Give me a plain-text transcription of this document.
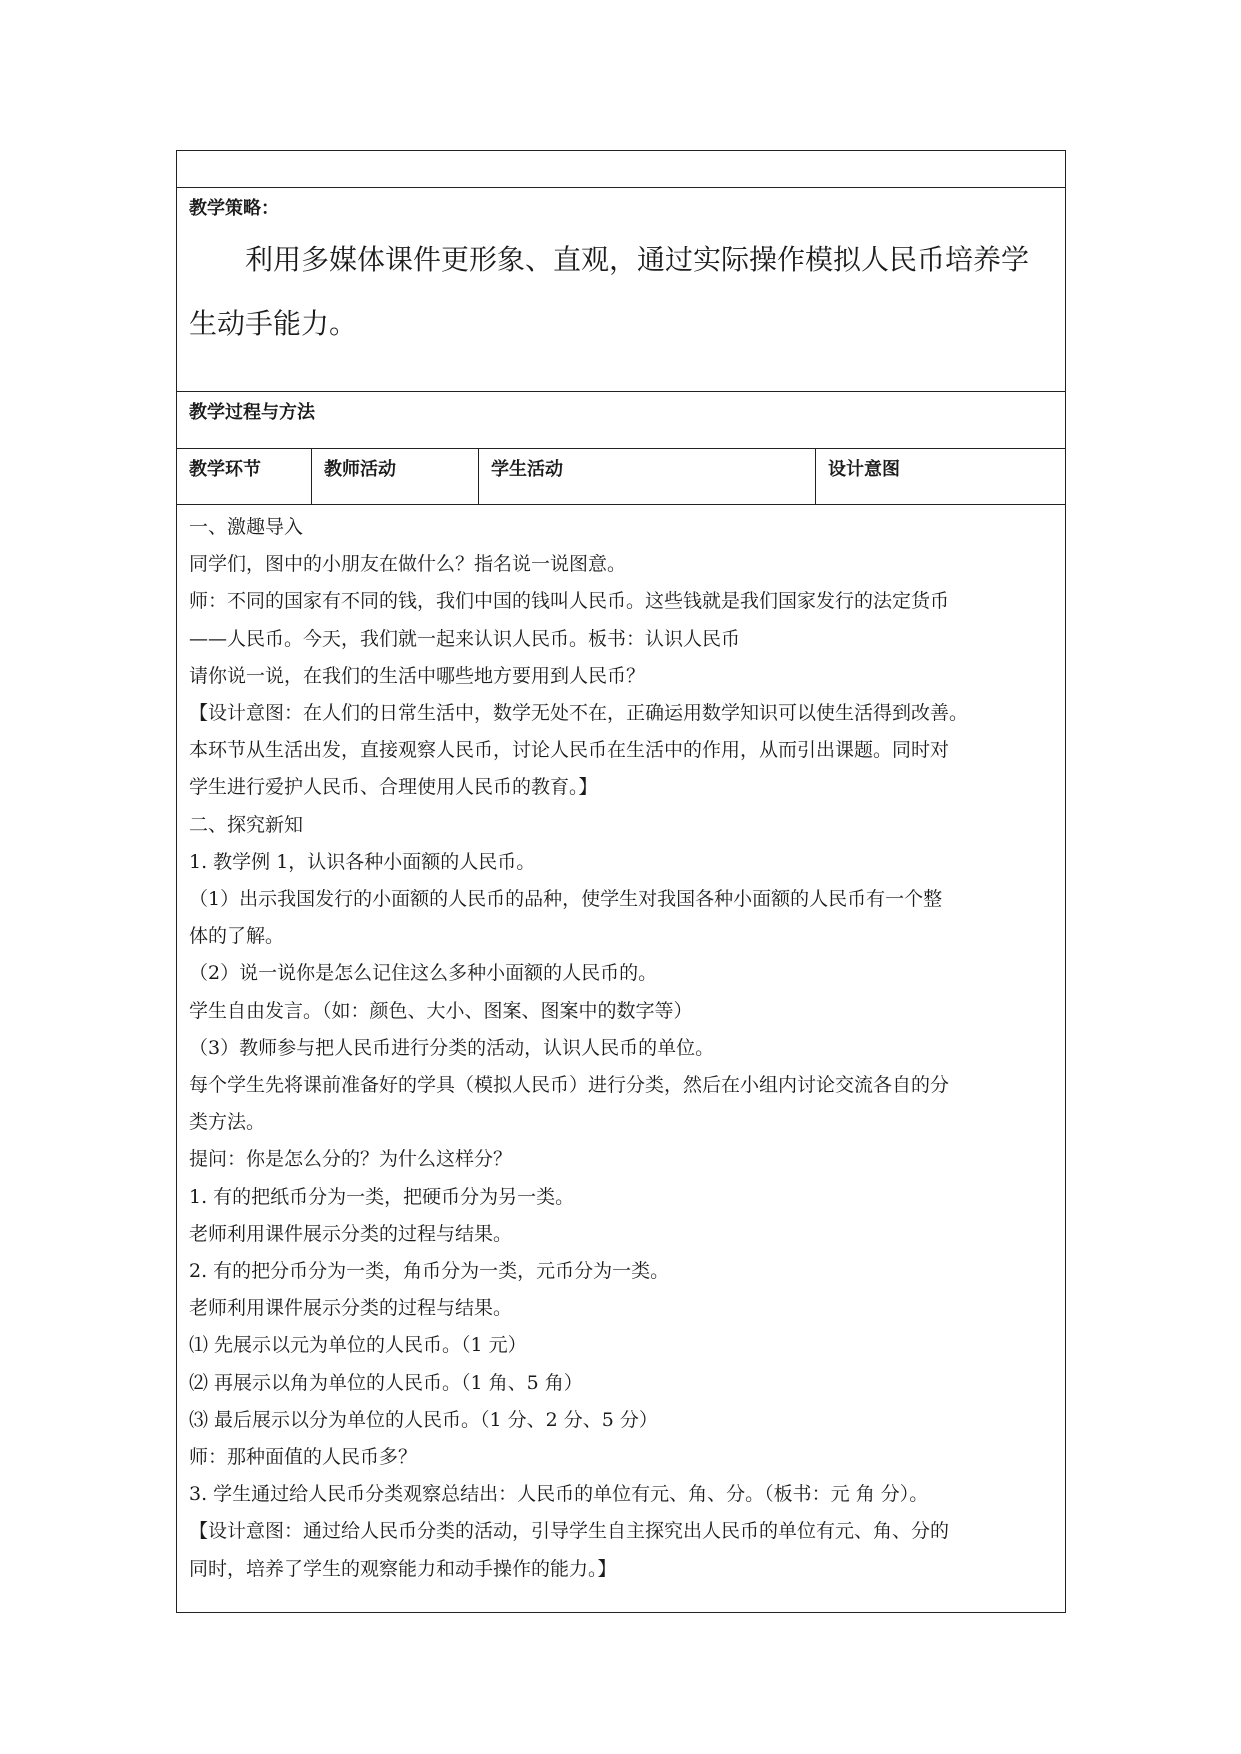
教学策略：

利用多媒体课件更形象、直观，通过实际操作模拟人民币培养学生动手能力。

教学过程与方法

教学环节	教师活动	学生活动	设计意图

一、激趣导入

同学们，图中的小朋友在做什么？指名说一说图意。

师：不同的国家有不同的钱，我们中国的钱叫人民币。这些钱就是我们国家发行的法定货币

——人民币。今天，我们就一起来认识人民币。板书：认识人民币

请你说一说，在我们的生活中哪些地方要用到人民币？

【设计意图：在人们的日常生活中，数学无处不在，正确运用数学知识可以使生活得到改善。

本环节从生活出发，直接观察人民币，讨论人民币在生活中的作用，从而引出课题。同时对

学生进行爱护人民币、合理使用人民币的教育。】

二、探究新知

1. 教学例 1，认识各种小面额的人民币。

（1）出示我国发行的小面额的人民币的品种，使学生对我国各种小面额的人民币有一个整

体的了解。

（2）说一说你是怎么记住这么多种小面额的人民币的。

学生自由发言。（如：颜色、大小、图案、图案中的数字等）

（3）教师参与把人民币进行分类的活动，认识人民币的单位。

每个学生先将课前准备好的学具（模拟人民币）进行分类，然后在小组内讨论交流各自的分

类方法。

提问：你是怎么分的？为什么这样分？

1. 有的把纸币分为一类，把硬币分为另一类。

老师利用课件展示分类的过程与结果。

2. 有的把分币分为一类，角币分为一类，元币分为一类。

老师利用课件展示分类的过程与结果。

⑴ 先展示以元为单位的人民币。（1 元）

⑵ 再展示以角为单位的人民币。（1 角、5 角）

⑶ 最后展示以分为单位的人民币。（1 分、2 分、5 分）

师：那种面值的人民币多？

3. 学生通过给人民币分类观察总结出：人民币的单位有元、角、分。（板书：元 角 分）。

【设计意图：通过给人民币分类的活动，引导学生自主探究出人民币的单位有元、角、分的

同时，培养了学生的观察能力和动手操作的能力。】
